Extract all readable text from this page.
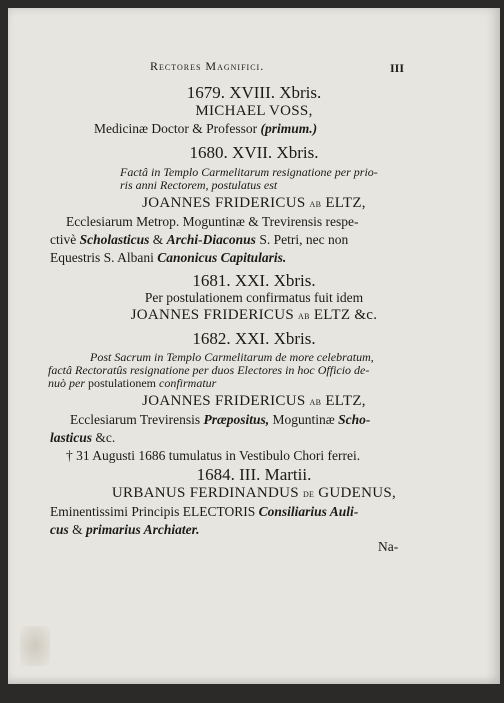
Rectores Magnifici.	III
1679. XVIII. Xbris.
MICHAEL VOSS,
Medicinæ Doctor & Professor (primum.)
1680. XVII. Xbris.
Factâ in Templo Carmelitarum resignatione per prio-
ris anni Rectorem, postulatus est
JOANNES FRIDERICUS ab ELTZ,
Ecclesiarum Metrop. Moguntinæ & Trevirensis respe-
ctivè Scholasticus & Archi-Diaconus S. Petri, nec non
Equestris S. Albani Canonicus Capitularis.
1681. XXI. Xbris.
Per postulationem confirmatus fuit idem
JOANNES FRIDERICUS ab ELTZ &c.
1682. XXI. Xbris.
Post Sacrum in Templo Carmelitarum de more celebratum,
factâ Rectoratûs resignatione per duos Electores in hoc Officio de-
nuò per postulationem confirmatur
JOANNES FRIDERICUS ab ELTZ,
Ecclesiarum Trevirensis Præpositus, Moguntinæ Scho-
lasticus &c.
† 31 Augusti 1686 tumulatus in Vestibulo Chori ferrei.
1684. III. Martii.
URBANUS FERDINANDUS de GUDENUS,
Eminentissimi Principis ELECTORIS Consiliarius Auli-
cus & primarius Archiater.
Na-
